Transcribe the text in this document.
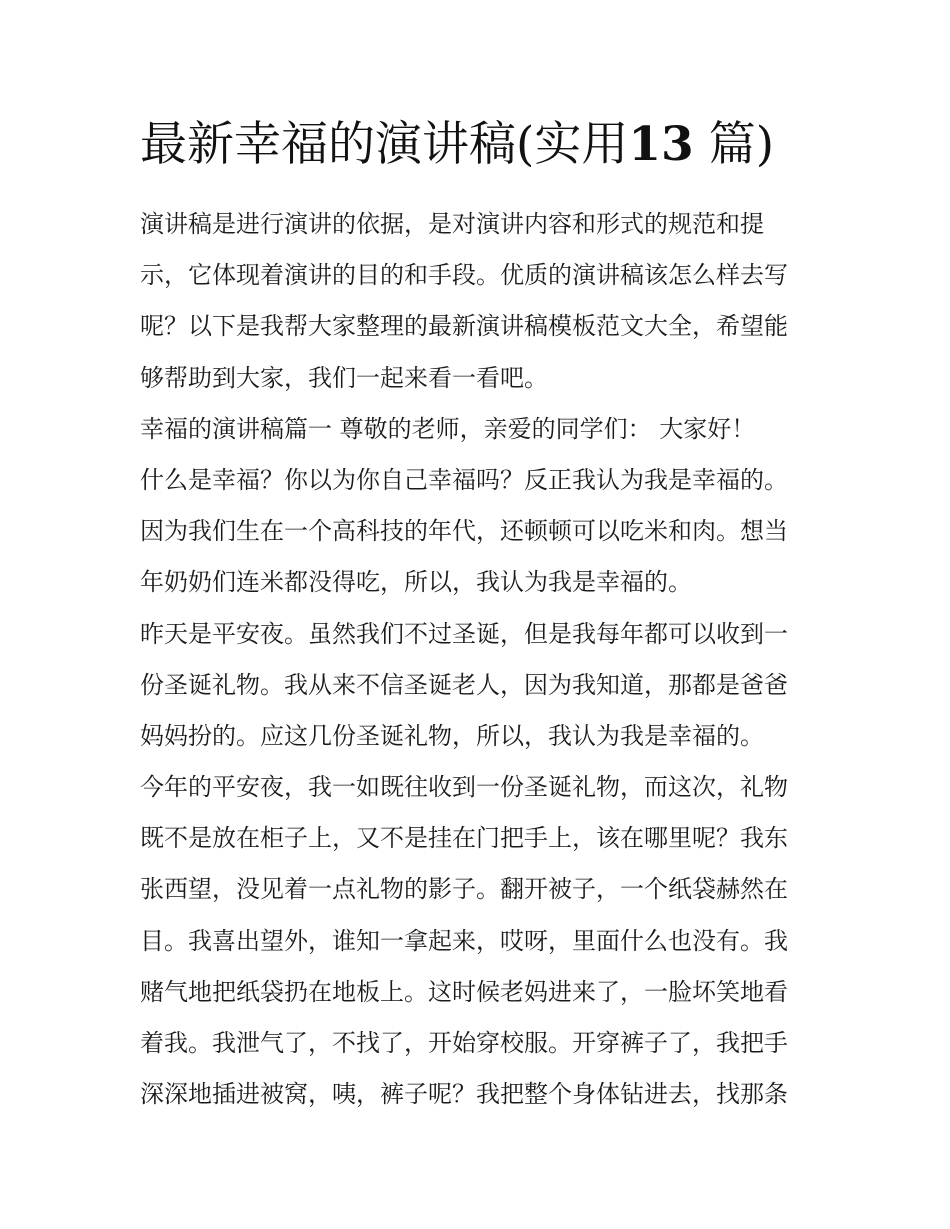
最新幸福的演讲稿(实用13 篇)
演讲稿是进行演讲的依据，是对演讲内容和形式的规范和提
示，它体现着演讲的目的和手段。优质的演讲稿该怎么样去写
呢？以下是我帮大家整理的最新演讲稿模板范文大全，希望能
够帮助到大家，我们一起来看一看吧。
幸福的演讲稿篇一 尊敬的老师，亲爱的同学们： 大家好！
什么是幸福？你以为你自己幸福吗？反正我认为我是幸福的。
因为我们生在一个高科技的年代，还顿顿可以吃米和肉。想当
年奶奶们连米都没得吃，所以，我认为我是幸福的。
昨天是平安夜。虽然我们不过圣诞，但是我每年都可以收到一
份圣诞礼物。我从来不信圣诞老人，因为我知道，那都是爸爸
妈妈扮的。应这几份圣诞礼物，所以，我认为我是幸福的。
今年的平安夜，我一如既往收到一份圣诞礼物，而这次，礼物
既不是放在柜子上，又不是挂在门把手上，该在哪里呢？我东
张西望，没见着一点礼物的影子。翻开被子，一个纸袋赫然在
目。我喜出望外，谁知一拿起来，哎呀，里面什么也没有。我
赌气地把纸袋扔在地板上。这时候老妈进来了，一脸坏笑地看
着我。我泄气了，不找了，开始穿校服。开穿裤子了，我把手
深深地插进被窝，咦，裤子呢？我把整个身体钻进去，找那条
